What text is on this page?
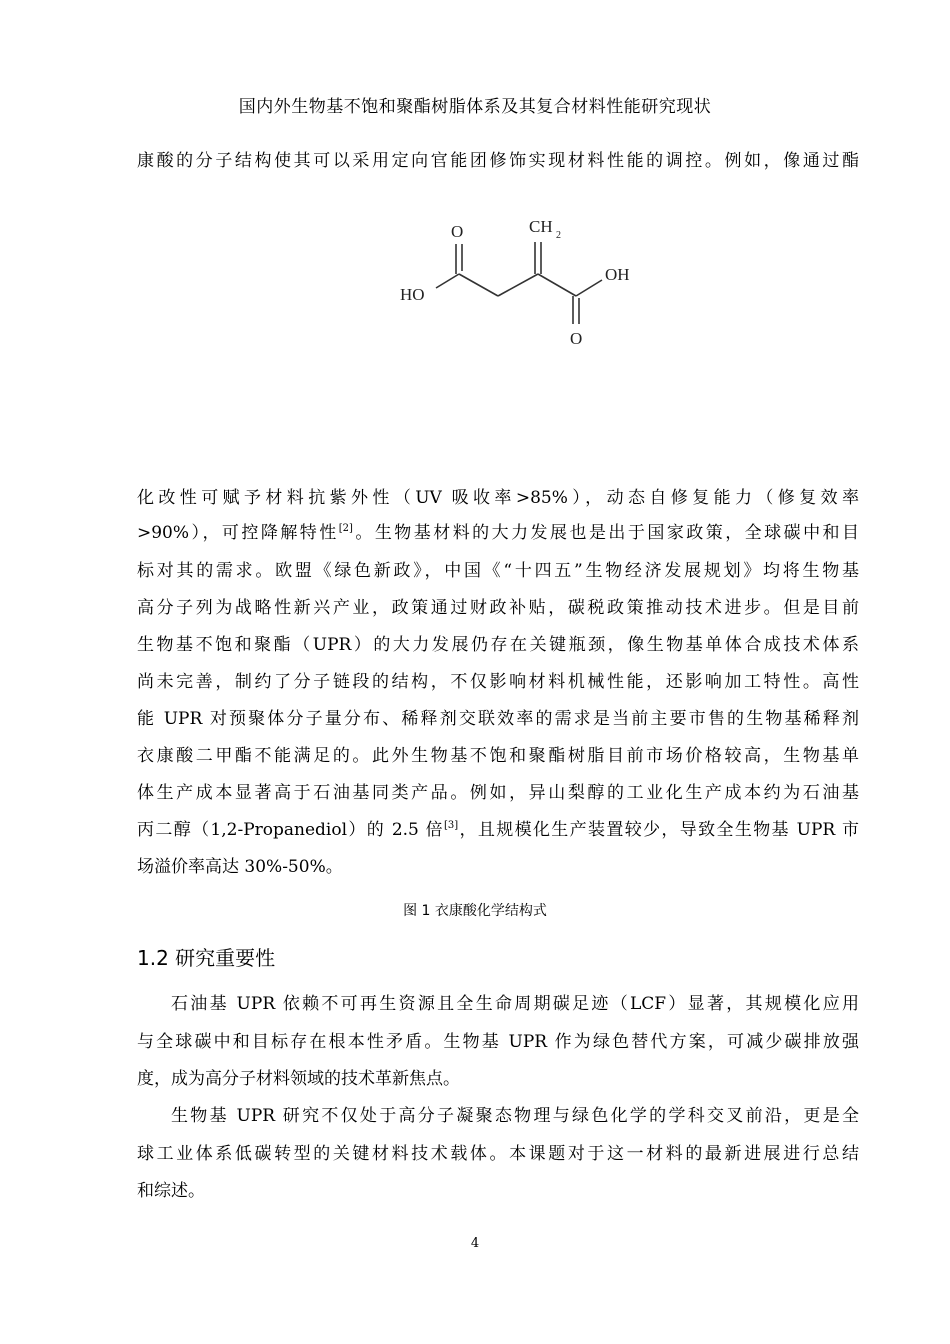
国内外生物基不饱和聚酯树脂体系及其复合材料性能研究现状
康酸的分子结构使其可以采用定向官能团修饰实现材料性能的调控。例如，像通过酯
O	CH 2
OH
HO
O
化改性可赋予材料抗紫外性（UV 吸收率>85%），动态自修复能力（修复效率
>90%），可控降解特性[2]。生物基材料的大力发展也是出于国家政策，全球碳中和目
标对其的需求。欧盟《绿色新政》，中国《“十四五”生物经济发展规划》均将生物基
高分子列为战略性新兴产业，政策通过财政补贴，碳税政策推动技术进步。但是目前
生物基不饱和聚酯（UPR）的大力发展仍存在关键瓶颈，像生物基单体合成技术体系
尚未完善，制约了分子链段的结构，不仅影响材料机械性能，还影响加工特性。高性
能 UPR 对预聚体分子量分布、稀释剂交联效率的需求是当前主要市售的生物基稀释剂
衣康酸二甲酯不能满足的。此外生物基不饱和聚酯树脂目前市场价格较高，生物基单
体生产成本显著高于石油基同类产品。例如，异山梨醇的工业化生产成本约为石油基
丙二醇（1,2-Propanediol）的 2.5 倍[3]，且规模化生产装置较少，导致全生物基 UPR 市
场溢价率高达 30%-50%。
图 1 衣康酸化学结构式
1.2 研究重要性
石油基 UPR 依赖不可再生资源且全生命周期碳足迹（LCF）显著，其规模化应用
与全球碳中和目标存在根本性矛盾。生物基 UPR 作为绿色替代方案，可减少碳排放强
度，成为高分子材料领域的技术革新焦点。
生物基 UPR 研究不仅处于高分子凝聚态物理与绿色化学的学科交叉前沿，更是全
球工业体系低碳转型的关键材料技术载体。本课题对于这一材料的最新进展进行总结
和综述。
4
